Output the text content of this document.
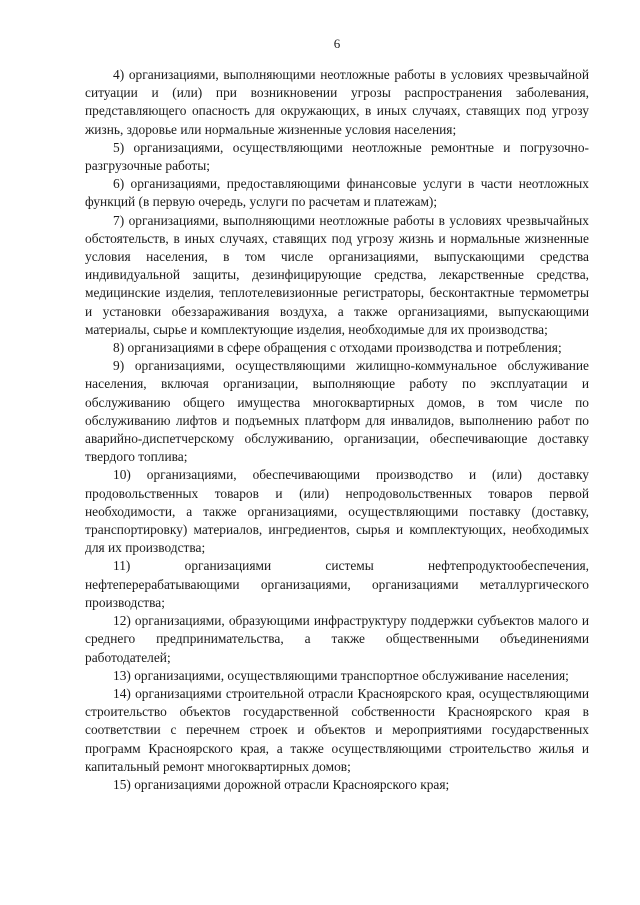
6

4) организациями, выполняющими неотложные работы в условиях чрезвычайной ситуации и (или) при возникновении угрозы распространения заболевания, представляющего опасность для окружающих, в иных случаях, ставящих под угрозу жизнь, здоровье или нормальные жизненные условия населения;

5) организациями, осуществляющими неотложные ремонтные и погрузочно-разгрузочные работы;

6) организациями, предоставляющими финансовые услуги в части неотложных функций (в первую очередь, услуги по расчетам и платежам);

7) организациями, выполняющими неотложные работы в условиях чрезвычайных обстоятельств, в иных случаях, ставящих под угрозу жизнь и нормальные жизненные условия населения, в том числе организациями, выпускающими средства индивидуальной защиты, дезинфицирующие средства, лекарственные средства, медицинские изделия, теплотелевизионные регистраторы, бесконтактные термометры и установки обеззараживания воздуха, а также организациями, выпускающими материалы, сырье и комплектующие изделия, необходимые для их производства;

8) организациями в сфере обращения с отходами производства и потребления;

9) организациями, осуществляющими жилищно-коммунальное обслуживание населения, включая организации, выполняющие работу по эксплуатации и обслуживанию общего имущества многоквартирных домов, в том числе по обслуживанию лифтов и подъемных платформ для инвалидов, выполнению работ по аварийно-диспетчерскому обслуживанию, организации, обеспечивающие доставку твердого топлива;

10) организациями, обеспечивающими производство и (или) доставку продовольственных товаров и (или) непродовольственных товаров первой необходимости, а также организациями, осуществляющими поставку (доставку, транспортировку) материалов, ингредиентов, сырья и комплектующих, необходимых для их производства;

11) организациями системы нефтепродуктообеспечения, нефтеперерабатывающими организациями, организациями металлургического производства;

12) организациями, образующими инфраструктуру поддержки субъектов малого и среднего предпринимательства, а также общественными объединениями работодателей;

13) организациями, осуществляющими транспортное обслуживание населения;

14) организациями строительной отрасли Красноярского края, осуществляющими строительство объектов государственной собственности Красноярского края в соответствии с перечнем строек и объектов и мероприятиями государственных программ Красноярского края, а также осуществляющими строительство жилья и капитальный ремонт многоквартирных домов;

15) организациями дорожной отрасли Красноярского края;
